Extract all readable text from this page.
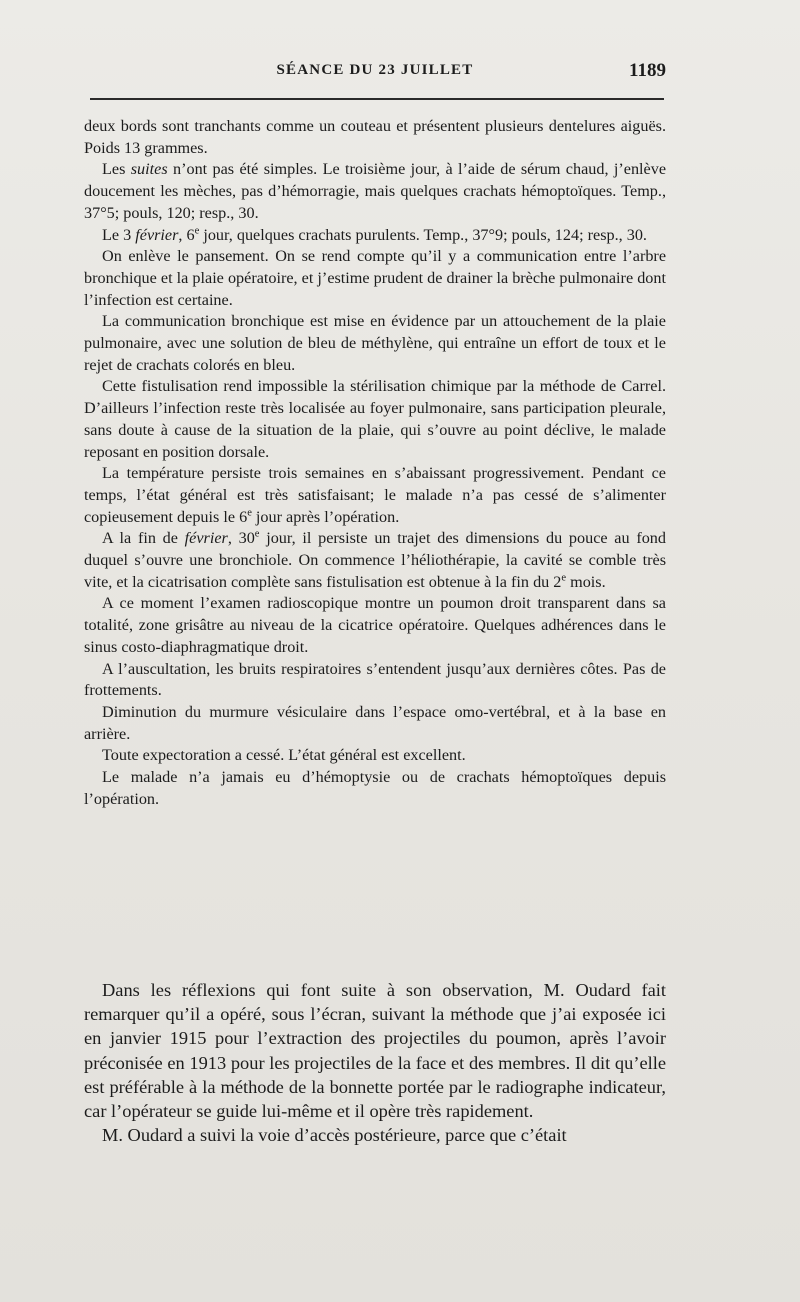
SÉANCE DU 23 JUILLET	1189

deux bords sont tranchants comme un couteau et présentent plusieurs dentelures aiguës. Poids 13 grammes.

Les suites n’ont pas été simples. Le troisième jour, à l’aide de sérum chaud, j’enlève doucement les mèches, pas d’hémorragie, mais quelques crachats hémoptoïques. Temp., 37°5; pouls, 120; resp., 30.

Le 3 février, 6e jour, quelques crachats purulents. Temp., 37°9; pouls, 124; resp., 30.

On enlève le pansement. On se rend compte qu’il y a communication entre l’arbre bronchique et la plaie opératoire, et j’estime prudent de drainer la brèche pulmonaire dont l’infection est certaine.

La communication bronchique est mise en évidence par un attouchement de la plaie pulmonaire, avec une solution de bleu de méthylène, qui entraîne un effort de toux et le rejet de crachats colorés en bleu.

Cette fistulisation rend impossible la stérilisation chimique par la méthode de Carrel. D’ailleurs l’infection reste très localisée au foyer pulmonaire, sans participation pleurale, sans doute à cause de la situation de la plaie, qui s’ouvre au point déclive, le malade reposant en position dorsale.

La température persiste trois semaines en s’abaissant progressivement. Pendant ce temps, l’état général est très satisfaisant; le malade n’a pas cessé de s’alimenter copieusement depuis le 6e jour après l’opération.

A la fin de février, 30e jour, il persiste un trajet des dimensions du pouce au fond duquel s’ouvre une bronchiole. On commence l’héliothérapie, la cavité se comble très vite, et la cicatrisation complète sans fistulisation est obtenue à la fin du 2e mois.

A ce moment l’examen radioscopique montre un poumon droit transparent dans sa totalité, zone grisâtre au niveau de la cicatrice opératoire. Quelques adhérences dans le sinus costo-diaphragmatique droit.

A l’auscultation, les bruits respiratoires s’entendent jusqu’aux dernières côtes. Pas de frottements.

Diminution du murmure vésiculaire dans l’espace omo-vertébral, et à la base en arrière.

Toute expectoration a cessé. L’état général est excellent.

Le malade n’a jamais eu d’hémoptysie ou de crachats hémoptoïques depuis l’opération.

Dans les réflexions qui font suite à son observation, M. Oudard fait remarquer qu’il a opéré, sous l’écran, suivant la méthode que j’ai exposée ici en janvier 1915 pour l’extraction des projectiles du poumon, après l’avoir préconisée en 1913 pour les projectiles de la face et des membres. Il dit qu’elle est préférable à la méthode de la bonnette portée par le radiographe indicateur, car l’opérateur se guide lui-même et il opère très rapidement.

M. Oudard a suivi la voie d’accès postérieure, parce que c’était
